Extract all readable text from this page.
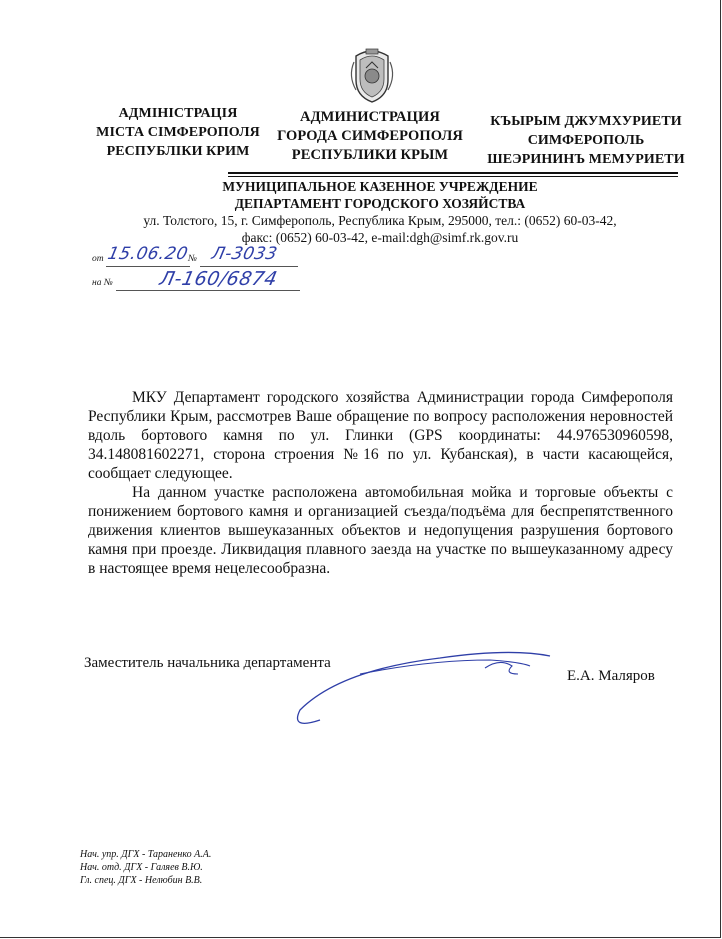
АДМІНІСТРАЦІЯ
МІСТА СІМФЕРОПОЛЯ
РЕСПУБЛІКИ КРИМ
АДМИНИСТРАЦИЯ
ГОРОДА СИМФЕРОПОЛЯ
РЕСПУБЛИКИ КРЫМ
КЪЫРЫМ ДЖУМХУРИЕТИ
СИМФЕРОПОЛЬ
ШЕЭРИНИНЪ МЕМУРИЕТИ
МУНИЦИПАЛЬНОЕ КАЗЕННОЕ УЧРЕЖДЕНИЕ
ДЕПАРТАМЕНТ ГОРОДСКОГО ХОЗЯЙСТВА
ул. Толстого, 15, г. Симферополь, Республика Крым, 295000, тел.: (0652) 60-03-42,
факс: (0652) 60-03-42, e-mail:dgh@simf.rk.gov.ru
от 15.06.20
№ Л-3033
на № Л-160/6874

МКУ Департамент городского хозяйства Администрации города Симферополя Республики Крым, рассмотрев Ваше обращение по вопросу расположения неровностей вдоль бортового камня по ул. Глинки (GPS координаты: 44.976530960598, 34.148081602271, сторона строения №16 по ул. Кубанская), в части касающейся, сообщает следующее.

На данном участке расположена автомобильная мойка и торговые объекты с понижением бортового камня и организацией съезда/подъёма для беспрепятственного движения клиентов вышеуказанных объектов и недопущения разрушения бортового камня при проезде. Ликвидация плавного заезда на участке по вышеуказанному адресу в настоящее время нецелесообразна.

Заместитель начальника департамента
Е.А. Маляров
Нач. упр. ДГХ - Тараненко А.А.
Нач. отд. ДГХ - Галяев В.Ю.
Гл. спец. ДГХ - Нелюбин В.В.
